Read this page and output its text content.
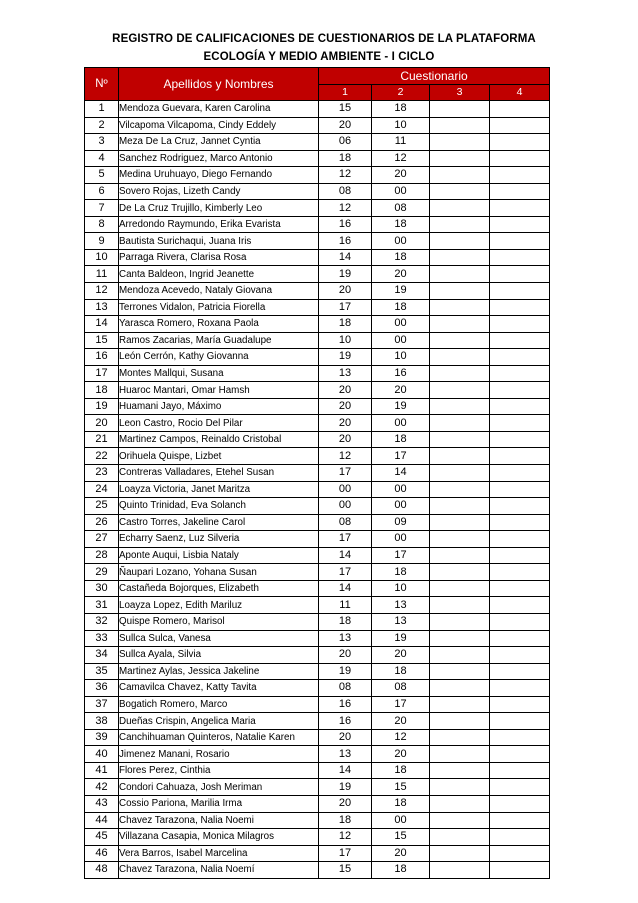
REGISTRO DE CALIFICACIONES DE CUESTIONARIOS DE LA PLATAFORMA
ECOLOGÍA Y MEDIO AMBIENTE - I CICLO
Nº	Apellidos y Nombres	Cuestionario			
		1	2	3	4
1	Mendoza Guevara, Karen Carolina	15	18		
2	Vilcapoma Vilcapoma, Cindy Eddely	20	10		
3	Meza De La Cruz, Jannet Cyntia	06	11		
4	Sanchez Rodriguez, Marco Antonio	18	12		
5	Medina Uruhuayo, Diego Fernando	12	20		
6	Sovero Rojas, Lizeth Candy	08	00		
7	De La Cruz Trujillo, Kimberly Leo	12	08		
8	Arredondo Raymundo, Erika Evarista	16	18		
9	Bautista Surichaqui, Juana Iris	16	00		
10	Parraga Rivera, Clarisa Rosa	14	18		
11	Canta Baldeon, Ingrid Jeanette	19	20		
12	Mendoza Acevedo, Nataly Giovana	20	19		
13	Terrones Vidalon, Patricia Fiorella	17	18		
14	Yarasca Romero, Roxana Paola	18	00		
15	Ramos Zacarias, María Guadalupe	10	00		
16	León Cerrón, Kathy Giovanna	19	10		
17	Montes Mallqui, Susana	13	16		
18	Huaroc Mantari, Omar Hamsh	20	20		
19	Huamani Jayo, Máximo	20	19		
20	Leon Castro, Rocio Del Pilar	20	00		
21	Martinez Campos, Reinaldo Cristobal	20	18		
22	Orihuela Quispe, Lizbet	12	17		
23	Contreras Valladares, Etehel Susan	17	14		
24	Loayza Victoria, Janet Maritza	00	00		
25	Quinto Trinidad, Eva Solanch	00	00		
26	Castro Torres, Jakeline Carol	08	09		
27	Echarry Saenz, Luz Silveria	17	00		
28	Aponte Auqui, Lisbia Nataly	14	17		
29	Ñaupari Lozano, Yohana Susan	17	18		
30	Castañeda Bojorques, Elizabeth	14	10		
31	Loayza Lopez, Edith Mariluz	11	13		
32	Quispe Romero, Marisol	18	13		
33	Sullca Sulca, Vanesa	13	19		
34	Sullca Ayala, Silvia	20	20		
35	Martinez Aylas, Jessica Jakeline	19	18		
36	Camavilca Chavez, Katty Tavita	08	08		
37	Bogatich Romero, Marco	16	17		
38	Dueñas Crispin, Angelica Maria	16	20		
39	Canchihuaman Quinteros, Natalie Karen	20	12		
40	Jimenez Manani, Rosario	13	20		
41	Flores Perez, Cinthia	14	18		
42	Condori Cahuaza, Josh Meriman	19	15		
43	Cossio Pariona, Marilia Irma	20	18		
44	Chavez Tarazona, Nalia Noemi	18	00		
45	Villazana Casapia, Monica Milagros	12	15		
46	Vera Barros, Isabel Marcelina	17	20		
48	Chavez Tarazona, Nalia Noemí	15	18		
